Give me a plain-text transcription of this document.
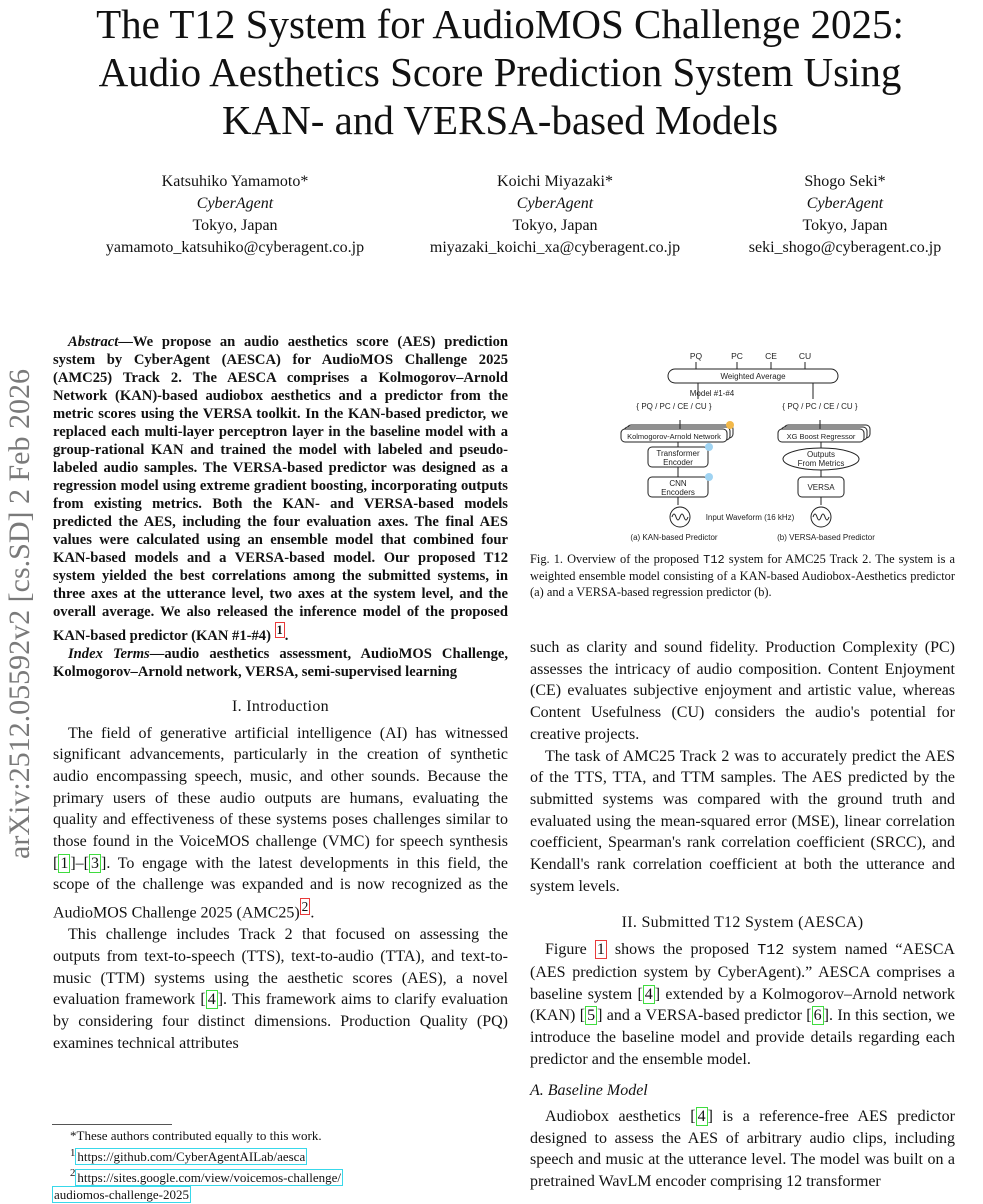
The T12 System for AudioMOS Challenge 2025: Audio Aesthetics Score Prediction System Using KAN- and VERSA-based Models
Katsuhiko Yamamoto*
CyberAgent
Tokyo, Japan
yamamoto_katsuhiko@cyberagent.co.jp
Koichi Miyazaki*
CyberAgent
Tokyo, Japan
miyazaki_koichi_xa@cyberagent.co.jp
Shogo Seki*
CyberAgent
Tokyo, Japan
seki_shogo@cyberagent.co.jp
arXiv:2512.05592v2 [cs.SD] 2 Feb 2026

Abstract—We propose an audio aesthetics score (AES) prediction system by CyberAgent (AESCA) for AudioMOS Challenge 2025 (AMC25) Track 2. The AESCA comprises a Kolmogorov–Arnold Network (KAN)-based audiobox aesthetics and a predictor from the metric scores using the VERSA toolkit. In the KAN-based predictor, we replaced each multi-layer perceptron layer in the baseline model with a group-rational KAN and trained the model with labeled and pseudo-labeled audio samples. The VERSA-based predictor was designed as a regression model using extreme gradient boosting, incorporating outputs from existing metrics. Both the KAN- and VERSA-based models predicted the AES, including the four evaluation axes. The final AES values were calculated using an ensemble model that combined four KAN-based models and a VERSA-based model. Our proposed T12 system yielded the best correlations among the submitted systems, in three axes at the utterance level, two axes at the system level, and the overall average. We also released the inference model of the proposed KAN-based predictor (KAN #1-#4) $^1$ .

Index Terms—audio aesthetics assessment, AudioMOS Challenge, Kolmogorov–Arnold network, VERSA, semi-supervised learning

I. Introduction

The field of generative artificial intelligence (AI) has witnessed significant advancements, particularly in the creation of synthetic audio encompassing speech, music, and other sounds. Because the primary users of these audio outputs are humans, evaluating the quality and effectiveness of these systems poses challenges similar to those found in the VoiceMOS challenge (VMC) for speech synthesis [ 1 ]–[ 3 ]. To engage with the latest developments in this field, the scope of the challenge was expanded and is now recognized as the AudioMOS Challenge 2025 (AMC25) $^2$ .

This challenge includes Track 2 that focused on assessing the outputs from text-to-speech (TTS), text-to-audio (TTA), and text-to-music (TTM) systems using the aesthetic scores (AES), a novel evaluation framework [ 4 ]. This framework aims to clarify evaluation by considering four distinct dimensions. Production Quality (PQ) examines technical attributes

*These authors contributed equally to this work.
$^1$ https://github.com/CyberAgentAILab/aesca
$^2$ https://sites.google.com/view/voicemos-challenge/
audiomos-challenge-2025
PQ	PC	CE	CU
Weighted Average
Model #1-#4
{ PQ / PC / CE / CU }	{ PQ / PC / CE / CU }
Kolmogorov-Arnold Network	XG Boost Regressor
Transformer
Encoder
Outputs
From Metrics
CNN
Encoders
VERSA
Input Waveform (16 kHz)
(a) KAN-based Predictor	(b) VERSA-based Predictor
Fig. 1. Overview of the proposed T12 system for AMC25 Track 2. The system is a weighted ensemble model consisting of a KAN-based Audiobox-Aesthetics predictor (a) and a VERSA-based regression predictor (b).

such as clarity and sound fidelity. Production Complexity (PC) assesses the intricacy of audio composition. Content Enjoyment (CE) evaluates subjective enjoyment and artistic value, whereas Content Usefulness (CU) considers the audio's potential for creative projects.

The task of AMC25 Track 2 was to accurately predict the AES of the TTS, TTA, and TTM samples. The AES predicted by the submitted systems was compared with the ground truth and evaluated using the mean-squared error (MSE), linear correlation coefficient, Spearman's rank correlation coefficient (SRCC), and Kendall's rank correlation coefficient at both the utterance and system levels.

II. Submitted T12 System (AESCA)

Figure 1 shows the proposed T12 system named “AESCA (AES prediction system by CyberAgent).” AESCA comprises a baseline system [ 4 ] extended by a Kolmogorov–Arnold network (KAN) [ 5 ] and a VERSA-based predictor [ 6 ]. In this section, we introduce the baseline model and provide details regarding each predictor and the ensemble model.

A. Baseline Model

Audiobox aesthetics [ 4 ] is a reference-free AES predictor designed to assess the AES of arbitrary audio clips, including speech and music at the utterance level. The model was built on a pretrained WavLM encoder comprising 12 transformer
